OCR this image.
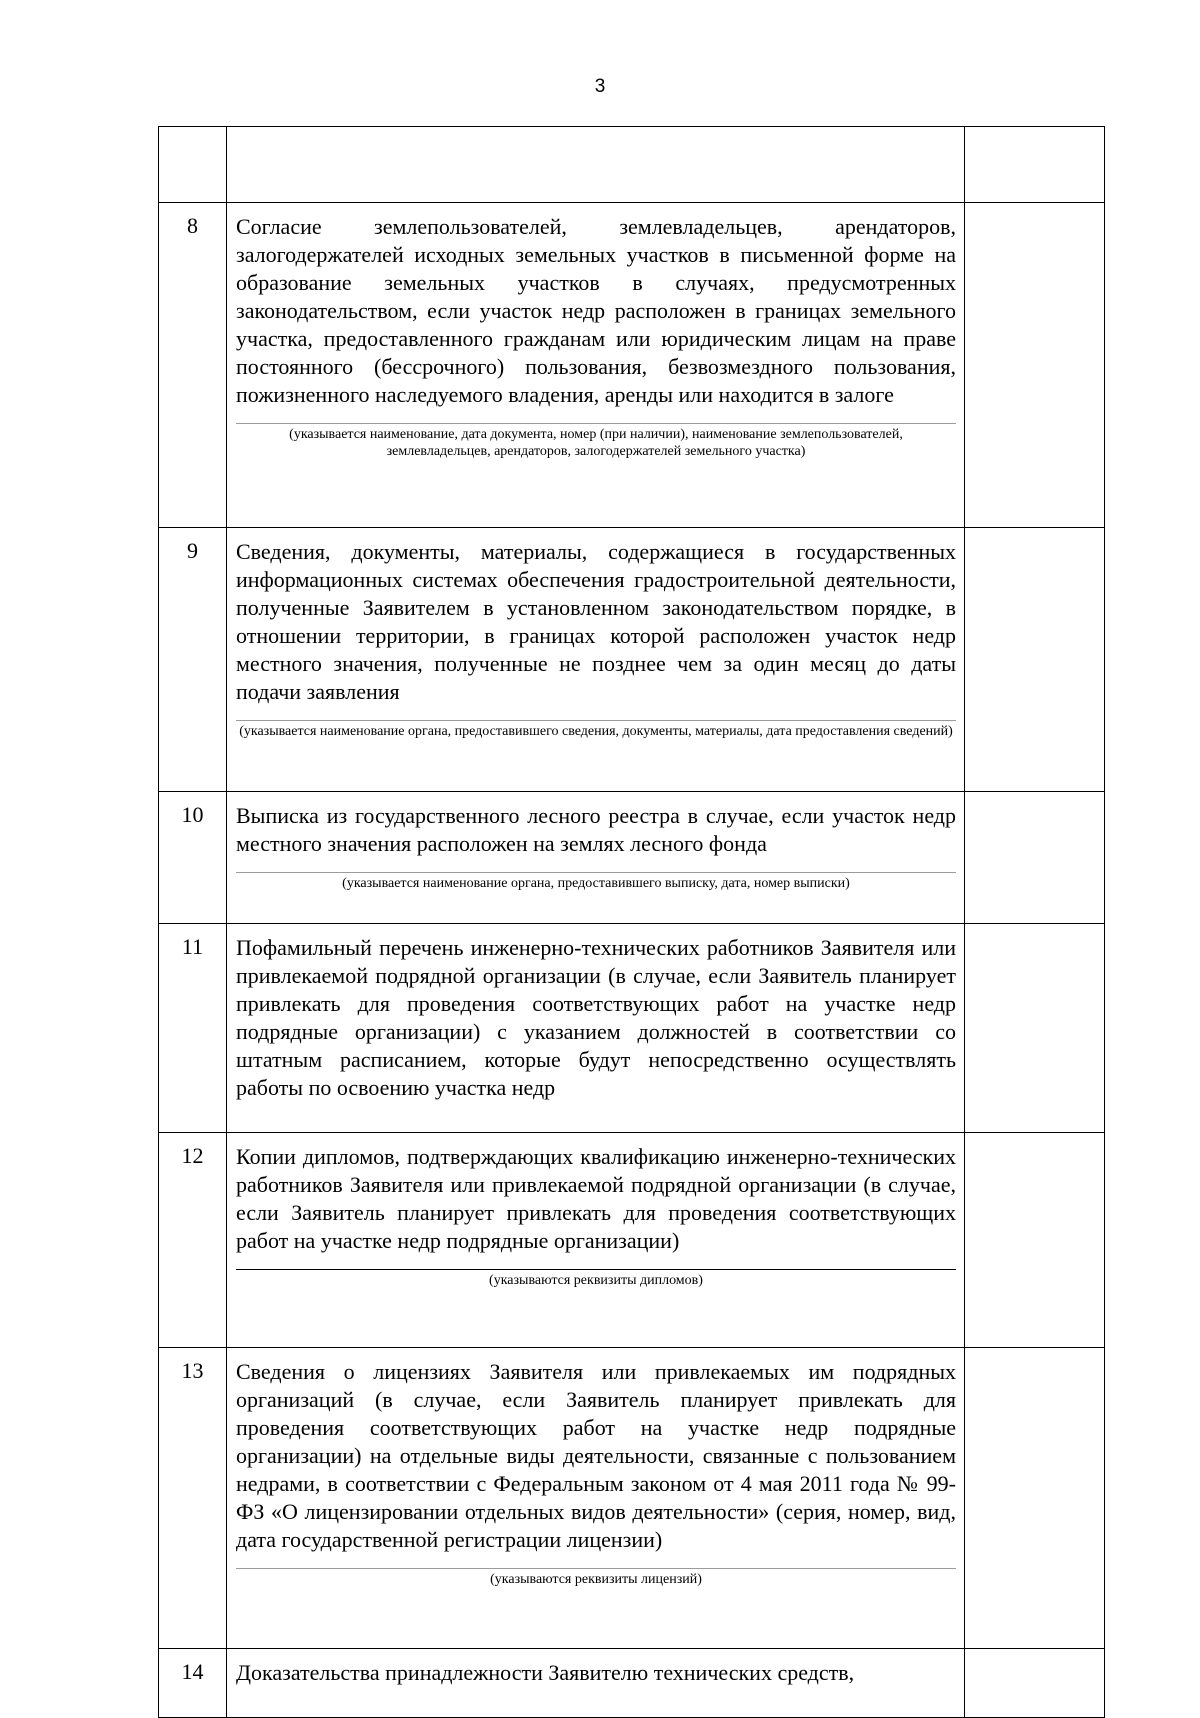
3

8	Согласие землепользователей, землевладельцев, арендаторов, залогодержателей исходных земельных участков в письменной форме на образование земельных участков в случаях, предусмотренных законодательством, если участок недр расположен в границах земельного участка, предоставленного гражданам или юридическим лицам на праве постоянного (бессрочного) пользования, безвозмездного пользования, пожизненного наследуемого владения, аренды или находится в залоге

(указывается наименование, дата документа, номер (при наличии), наименование землепользователей, землевладельцев, арендаторов, залогодержателей земельного участка)	

9	Сведения, документы, материалы, содержащиеся в государственных информационных системах обеспечения градостроительной деятельности, полученные Заявителем в установленном законодательством порядке, в отношении территории, в границах которой расположен участок недр местного значения, полученные не позднее чем за один месяц до даты подачи заявления

(указывается наименование органа, предоставившего сведения, документы, материалы, дата предоставления сведений)	

10	Выписка из государственного лесного реестра в случае, если участок недр местного значения расположен на землях лесного фонда

(указывается наименование органа, предоставившего выписку, дата, номер выписки)	

11	Пофамильный перечень инженерно-технических работников Заявителя или привлекаемой подрядной организации (в случае, если Заявитель планирует привлекать для проведения соответствующих работ на участке недр подрядные организации) с указанием должностей в соответствии со штатным расписанием, которые будут непосредственно осуществлять работы по освоению участка недр	

12	Копии дипломов, подтверждающих квалификацию инженерно-технических работников Заявителя или привлекаемой подрядной организации (в случае, если Заявитель планирует привлекать для проведения соответствующих работ на участке недр подрядные организации)

(указываются реквизиты дипломов)	

13	Сведения о лицензиях Заявителя или привлекаемых им подрядных организаций (в случае, если Заявитель планирует привлекать для проведения соответствующих работ на участке недр подрядные организации) на отдельные виды деятельности, связанные с пользованием недрами, в соответствии с Федеральным законом от 4 мая 2011 года № 99-ФЗ «О лицензировании отдельных видов деятельности» (серия, номер, вид, дата государственной регистрации лицензии)

(указываются реквизиты лицензий)	

14	Доказательства принадлежности Заявителю технических средств,	
